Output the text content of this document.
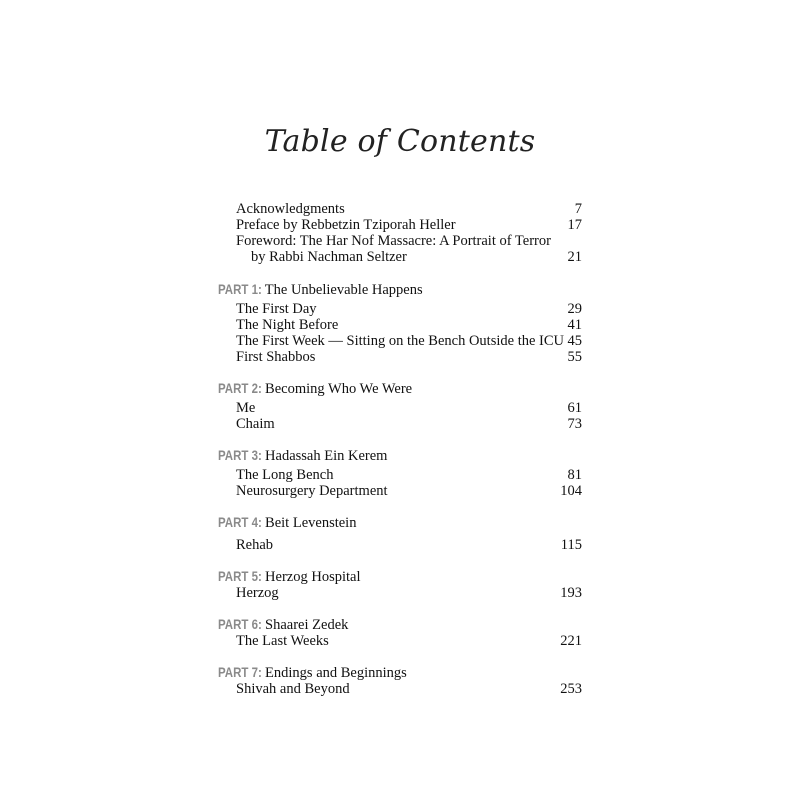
Table of Contents
Acknowledgments	7
Preface by Rebbetzin Tziporah Heller	17
Foreword: The Har Nof Massacre: A Portrait of Terror
by Rabbi Nachman Seltzer	21
PART 1: The Unbelievable Happens
The First Day	29
The Night Before	41
The First Week — Sitting on the Bench Outside the ICU 45
First Shabbos	55
PART 2: Becoming Who We Were
Me	61
Chaim	73
PART 3: Hadassah Ein Kerem
The Long Bench	81
Neurosurgery Department	104
PART 4: Beit Levenstein
Rehab	115
PART 5: Herzog Hospital
Herzog	193
PART 6: Shaarei Zedek
The Last Weeks	221
PART 7: Endings and Beginnings
Shivah and Beyond	253
